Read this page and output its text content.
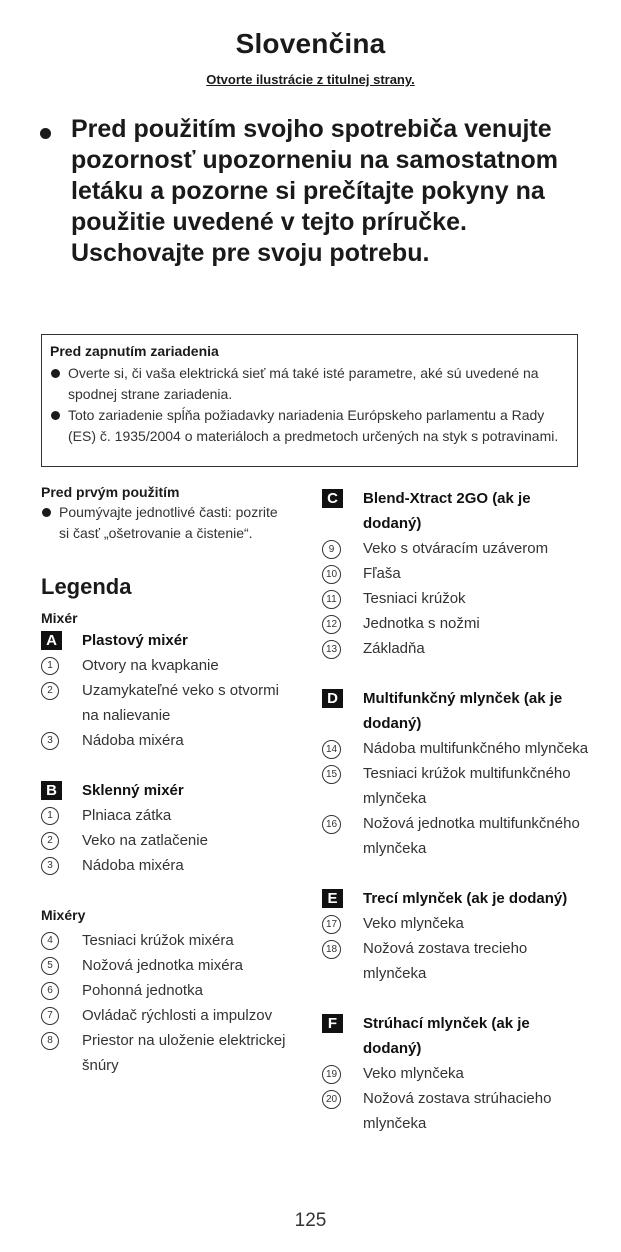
Slovenčina
Otvorte ilustrácie z titulnej strany.
Pred použitím svojho spotrebiča venujte pozornosť upozorneniu na samostatnom letáku a pozorne si prečítajte pokyny na použitie uvedené v tejto príručke. Uschovajte pre svoju potrebu.
Pred zapnutím zariadenia
Overte si, či vaša elektrická sieť má také isté parametre, aké sú uvedené na spodnej strane zariadenia.
Toto zariadenie spĺňa požiadavky nariadenia Európskeho parlamentu a Rady (ES) č. 1935/2004 o materiáloch a predmetoch určených na styk s potravinami.
Pred prvým použitím
Poumývajte jednotlivé časti: pozrite si časť „ošetrovanie a čistenie“.
Legenda
Mixér
A	Plastový mixér
1	Otvory na kvapkanie
2	Uzamykateľné veko s otvormi na nalievanie
3	Nádoba mixéra
B	Sklenný mixér
1	Plniaca zátka
2	Veko na zatlačenie
3	Nádoba mixéra
Mixéry
4	Tesniaci krúžok mixéra
5	Nožová jednotka mixéra
6	Pohonná jednotka
7	Ovládač rýchlosti a impulzov
8	Priestor na uloženie elektrickej šnúry
C	Blend-Xtract 2GO (ak je dodaný)
9	Veko s otváracím uzáverom
10 Fľaša
11 Tesniaci krúžok
12 Jednotka s nožmi
13 Základňa
D	Multifunkčný mlynček (ak je dodaný)
14 Nádoba multifunkčného mlynčeka
15 Tesniaci krúžok multifunkčného mlynčeka
16 Nožová jednotka multifunkčného mlynčeka
E	Trecí mlynček (ak je dodaný)
17 Veko mlynčeka
18 Nožová zostava trecieho mlynčeka
F	Strúhací mlynček (ak je dodaný)
19 Veko mlynčeka
20 Nožová zostava strúhacieho mlynčeka
125
